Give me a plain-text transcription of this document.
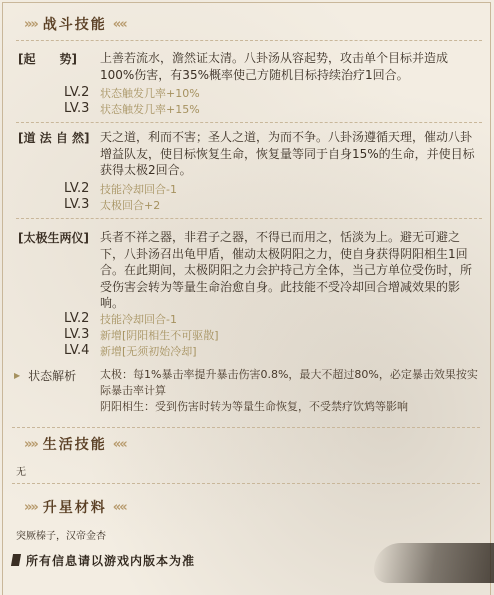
»» 战斗技能 ««
[起　　势] 上善若流水，澹然证太清。八卦汤从容起势，攻击单个目标并造成100%伤害，有35%概率使己方随机目标持续治疗1回合。
LV.2 状态触发几率+10%
LV.3 状态触发几率+15%
[道 法 自 然] 天之道，利而不害；圣人之道，为而不争。八卦汤遵循天理，催动八卦增益队友，使目标恢复生命，恢复量等同于自身15%的生命，并使目标获得太极2回合。
LV.2 技能冷却回合-1
LV.3 太极回合+2
[太极生两仪] 兵者不祥之器，非君子之器，不得已而用之，恬淡为上。避无可避之下，八卦汤召出龟甲盾，催动太极阴阳之力，使自身获得阴阳相生1回合。在此期间，太极阴阳之力会护持己方全体，当己方单位受伤时，所受伤害会转为等量生命治愈自身。此技能不受冷却回合增减效果的影响。
LV.2 技能冷却回合-1
LV.3 新增[阴阳相生不可驱散]
LV.4 新增[无须初始冷却]
▶ 状态解析 太极：每1%暴击率提升暴击伤害0.8%，最大不超过80%，必定暴击效果按实际暴击率计算
阴阳相生：受到伤害时转为等量生命恢复，不受禁疗饮鸩等影响
»» 生活技能 ««
无
»» 升星材料 ««
突厥榛子，汉帝金杏
所有信息请以游戏内版本为准
